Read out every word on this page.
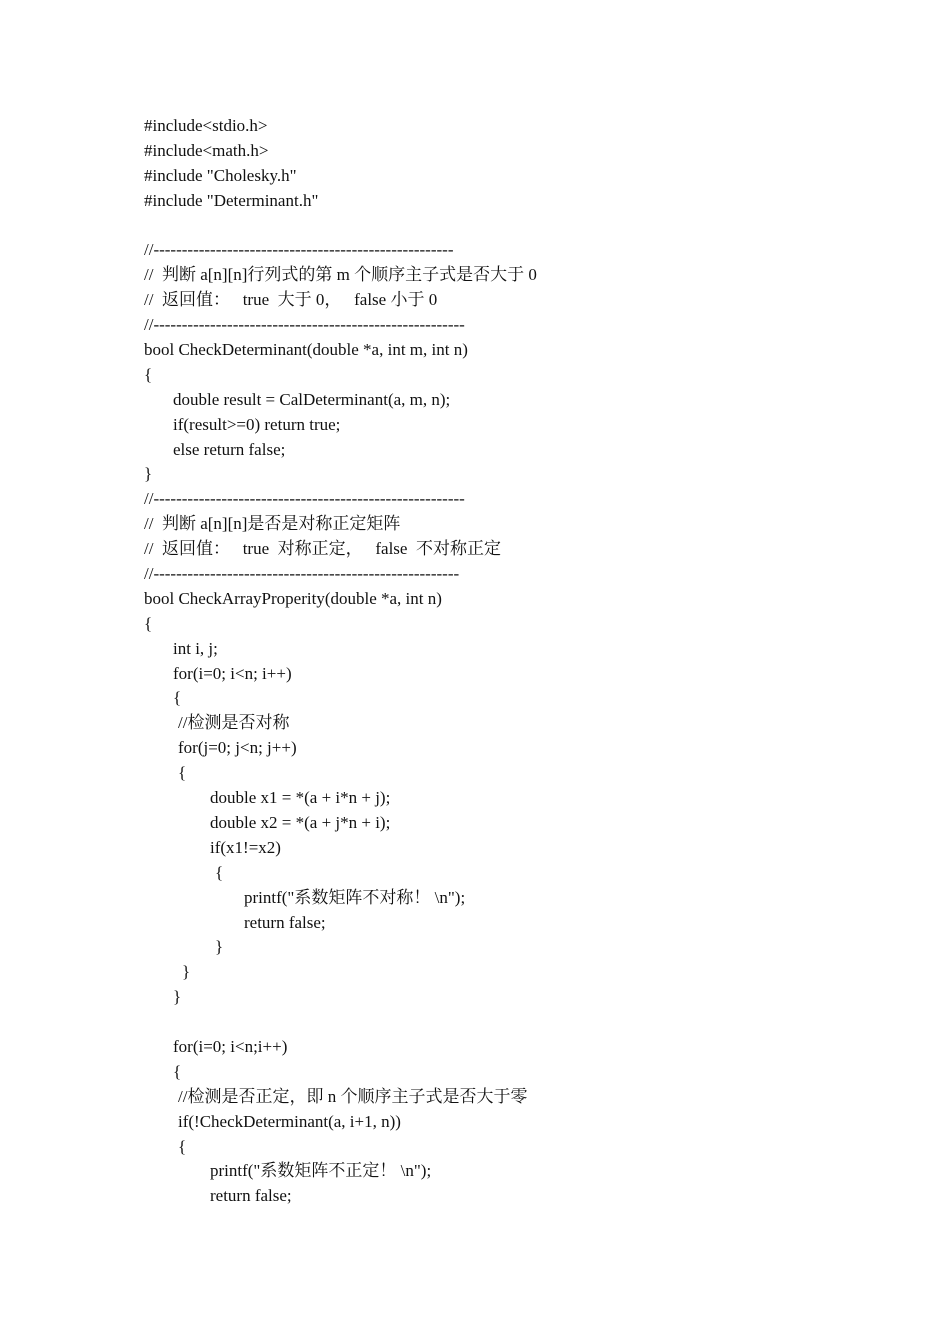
#include<stdio.h>
#include<math.h>
#include "Cholesky.h"
#include "Determinant.h"
//-----------------------------------------------------
//  判断 a[n][n]行列式的第 m 个顺序主子式是否大于 0
//  返回值：   true  大于 0，   false 小于 0
//-------------------------------------------------------
bool CheckDeterminant(double *a, int m, int n)
{
double result = CalDeterminant(a, m, n);
if(result>=0) return true;
else return false;
}
//-------------------------------------------------------
//  判断 a[n][n]是否是对称正定矩阵
//  返回值：   true  对称正定，   false  不对称正定
//------------------------------------------------------
bool CheckArrayProperity(double *a, int n)
{
int i, j;
for(i=0; i<n; i++)
{
//检测是否对称
for(j=0; j<n; j++)
{
double x1 = *(a + i*n + j);
double x2 = *(a + j*n + i);
if(x1!=x2)
{
printf("系数矩阵不对称！ \n");
return false;
}
}
}
for(i=0; i<n;i++)
{
//检测是否正定，即 n 个顺序主子式是否大于零
if(!CheckDeterminant(a, i+1, n))
{
printf("系数矩阵不正定！ \n");
return false;
